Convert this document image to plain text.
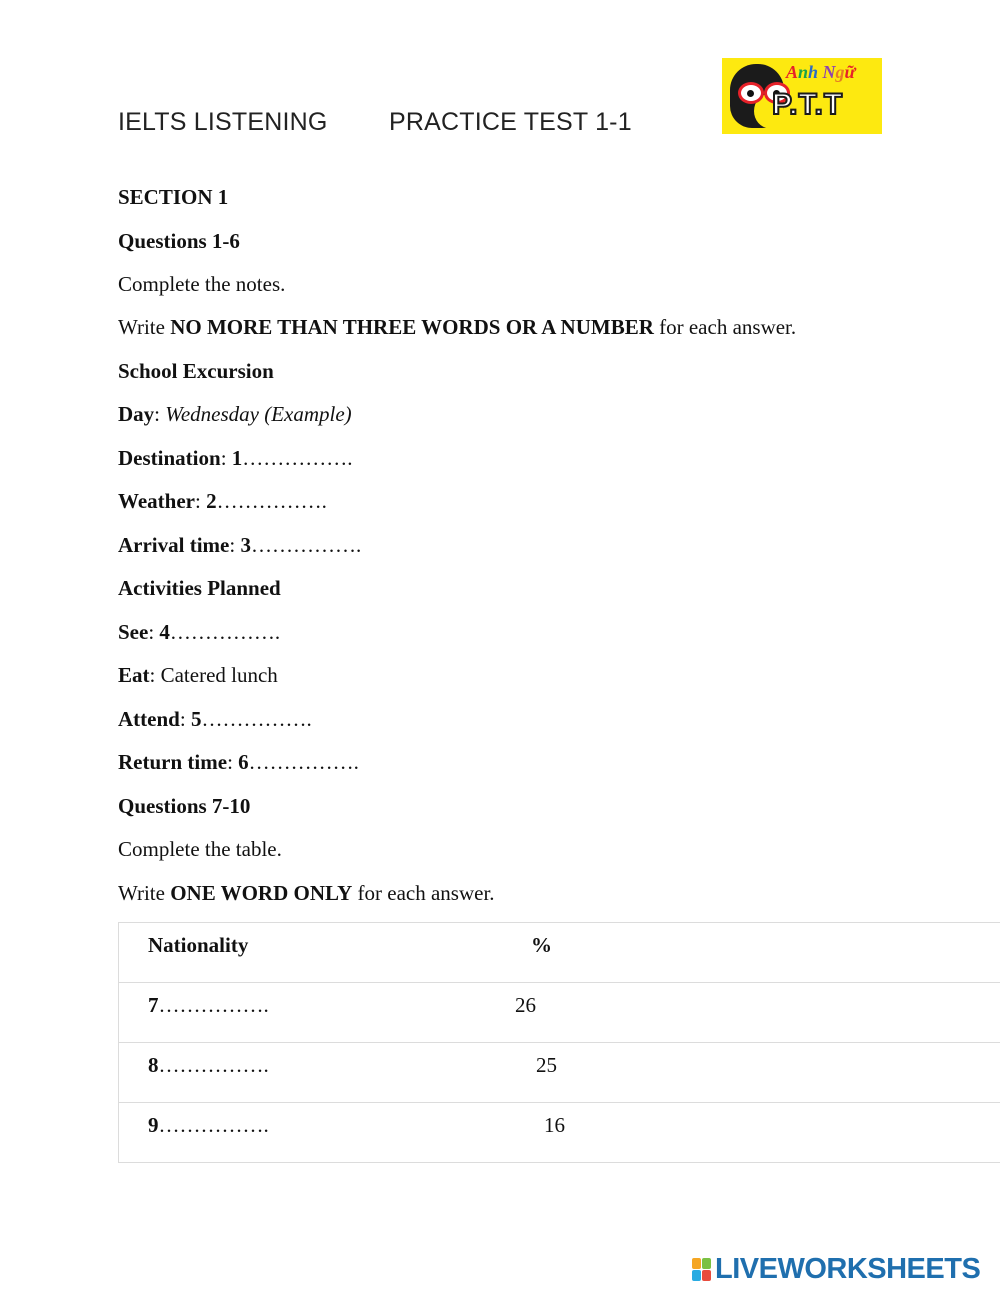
IELTS LISTENING PRACTICE TEST 1-1
Anh Ngữ
P.T.T
SECTION 1
Questions 1-6
Complete the notes.
Write NO MORE THAN THREE WORDS OR A NUMBER for each answer.
School Excursion
Day: Wednesday (Example)
Destination: 1…………….
Weather: 2…………….
Arrival time: 3…………….
Activities Planned
See: 4…………….
Eat: Catered lunch
Attend: 5…………….
Return time: 6…………….
Questions 7-10
Complete the table.
Write ONE WORD ONLY for each answer.
Nationality	%
7…………….	26
8…………….	25
9…………….	16
LIVEWORKSHEETS
